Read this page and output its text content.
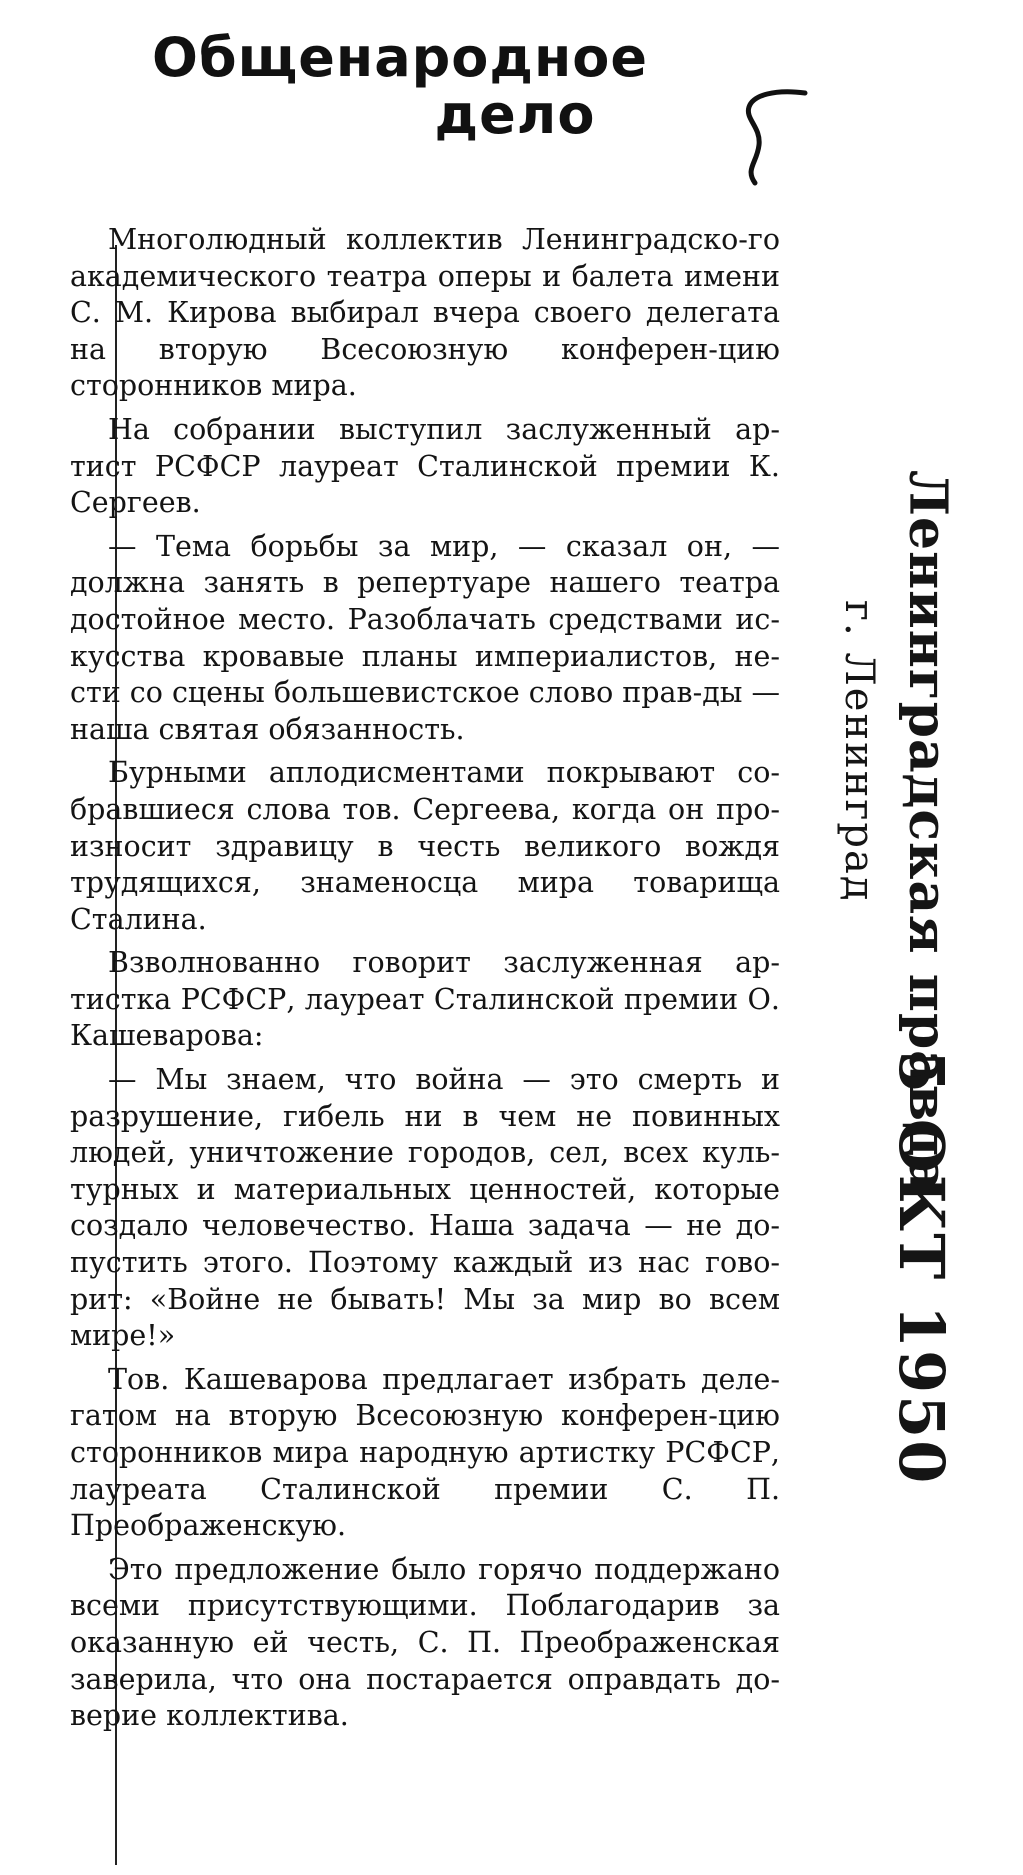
Общенародное
дело

Многолюдный коллектив Ленинградско-го академического театра оперы и балета имени С. М. Кирова выбирал вчера своего делегата на вторую Всесоюзную конферен-цию сторонников мира.

На собрании выступил заслуженный ар-тист РСФСР лауреат Сталинской премии К. Сергеев.

— Тема борьбы за мир, — сказал он, — должна занять в репертуаре нашего театра достойное место. Разоблачать средствами ис-кусства кровавые планы империалистов, не-сти со сцены большевистское слово прав-ды — наша святая обязанность.

Бурными аплодисментами покрывают со-бравшиеся слова тов. Сергеева, когда он про-износит здравицу в честь великого вождя трудящихся, знаменосца мира товарища Сталина.

Взволнованно говорит заслуженная ар-тистка РСФСР, лауреат Сталинской премии О. Кашеварова:

— Мы знаем, что война — это смерть и разрушение, гибель ни в чем не повинных людей, уничтожение городов, сел, всех куль-турных и материальных ценностей, которые создало человечество. Наша задача — не до-пустить этого. Поэтому каждый из нас гово-рит: «Войне не бывать! Мы за мир во всем мире!»

Тов. Кашеварова предлагает избрать деле-гатом на вторую Всесоюзную конферен-цию сторонников мира народную артистку РСФСР, лауреата Сталинской премии С. П. Преображенскую.

Это предложение было горячо поддержано всеми присутствующими. Поблагодарив за оказанную ей честь, С. П. Преображенская заверила, что она постарается оправдать до-верие коллектива.

Ленинградская правда
г. Ленинград
5 ОКТ 1950
